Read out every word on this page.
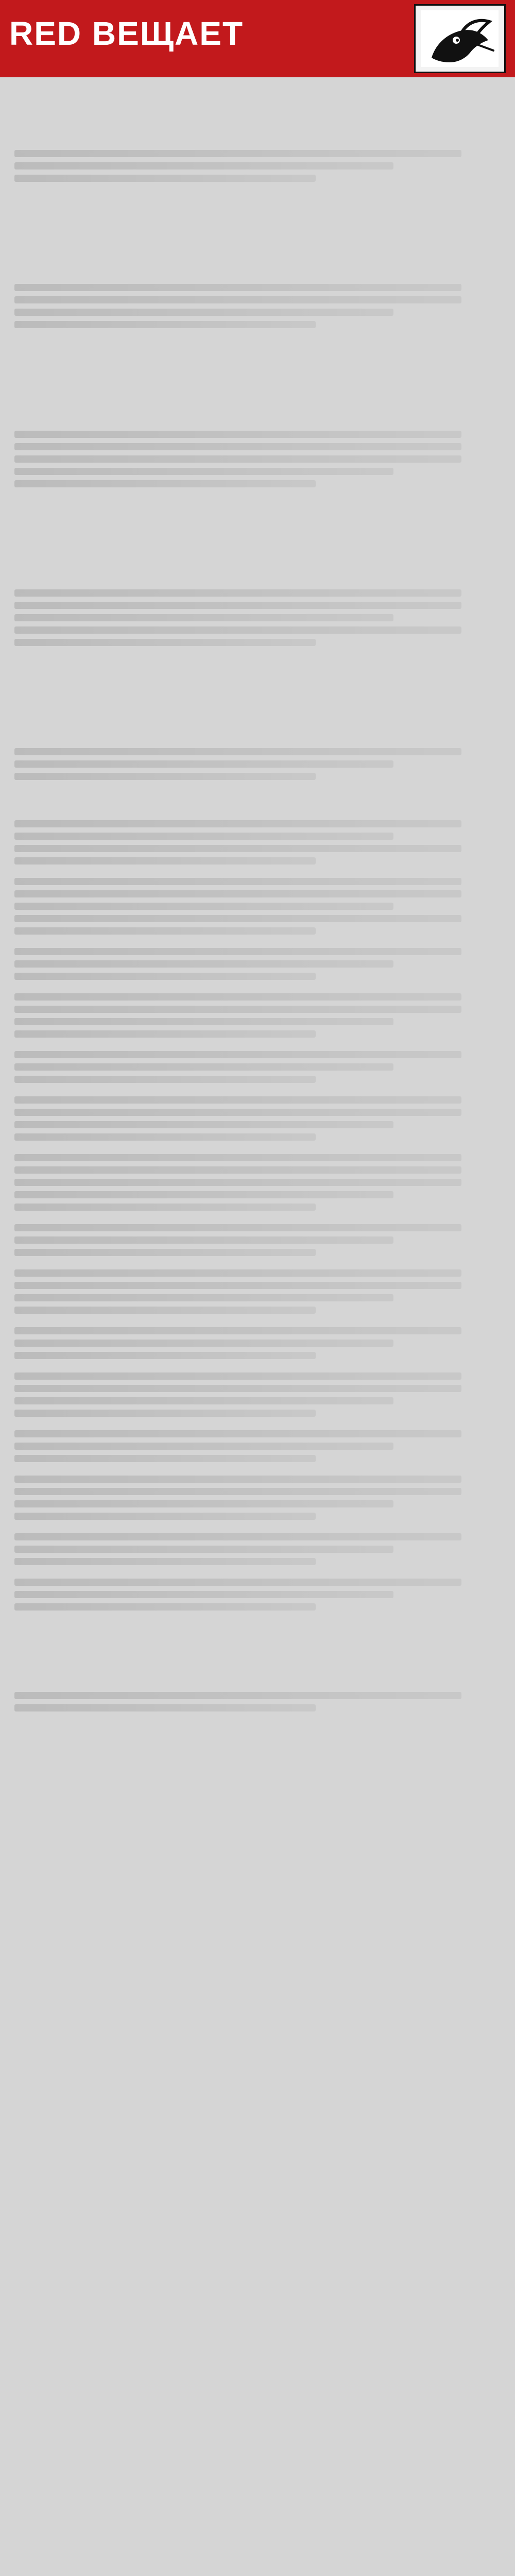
RED ВЕЩАЕТ
